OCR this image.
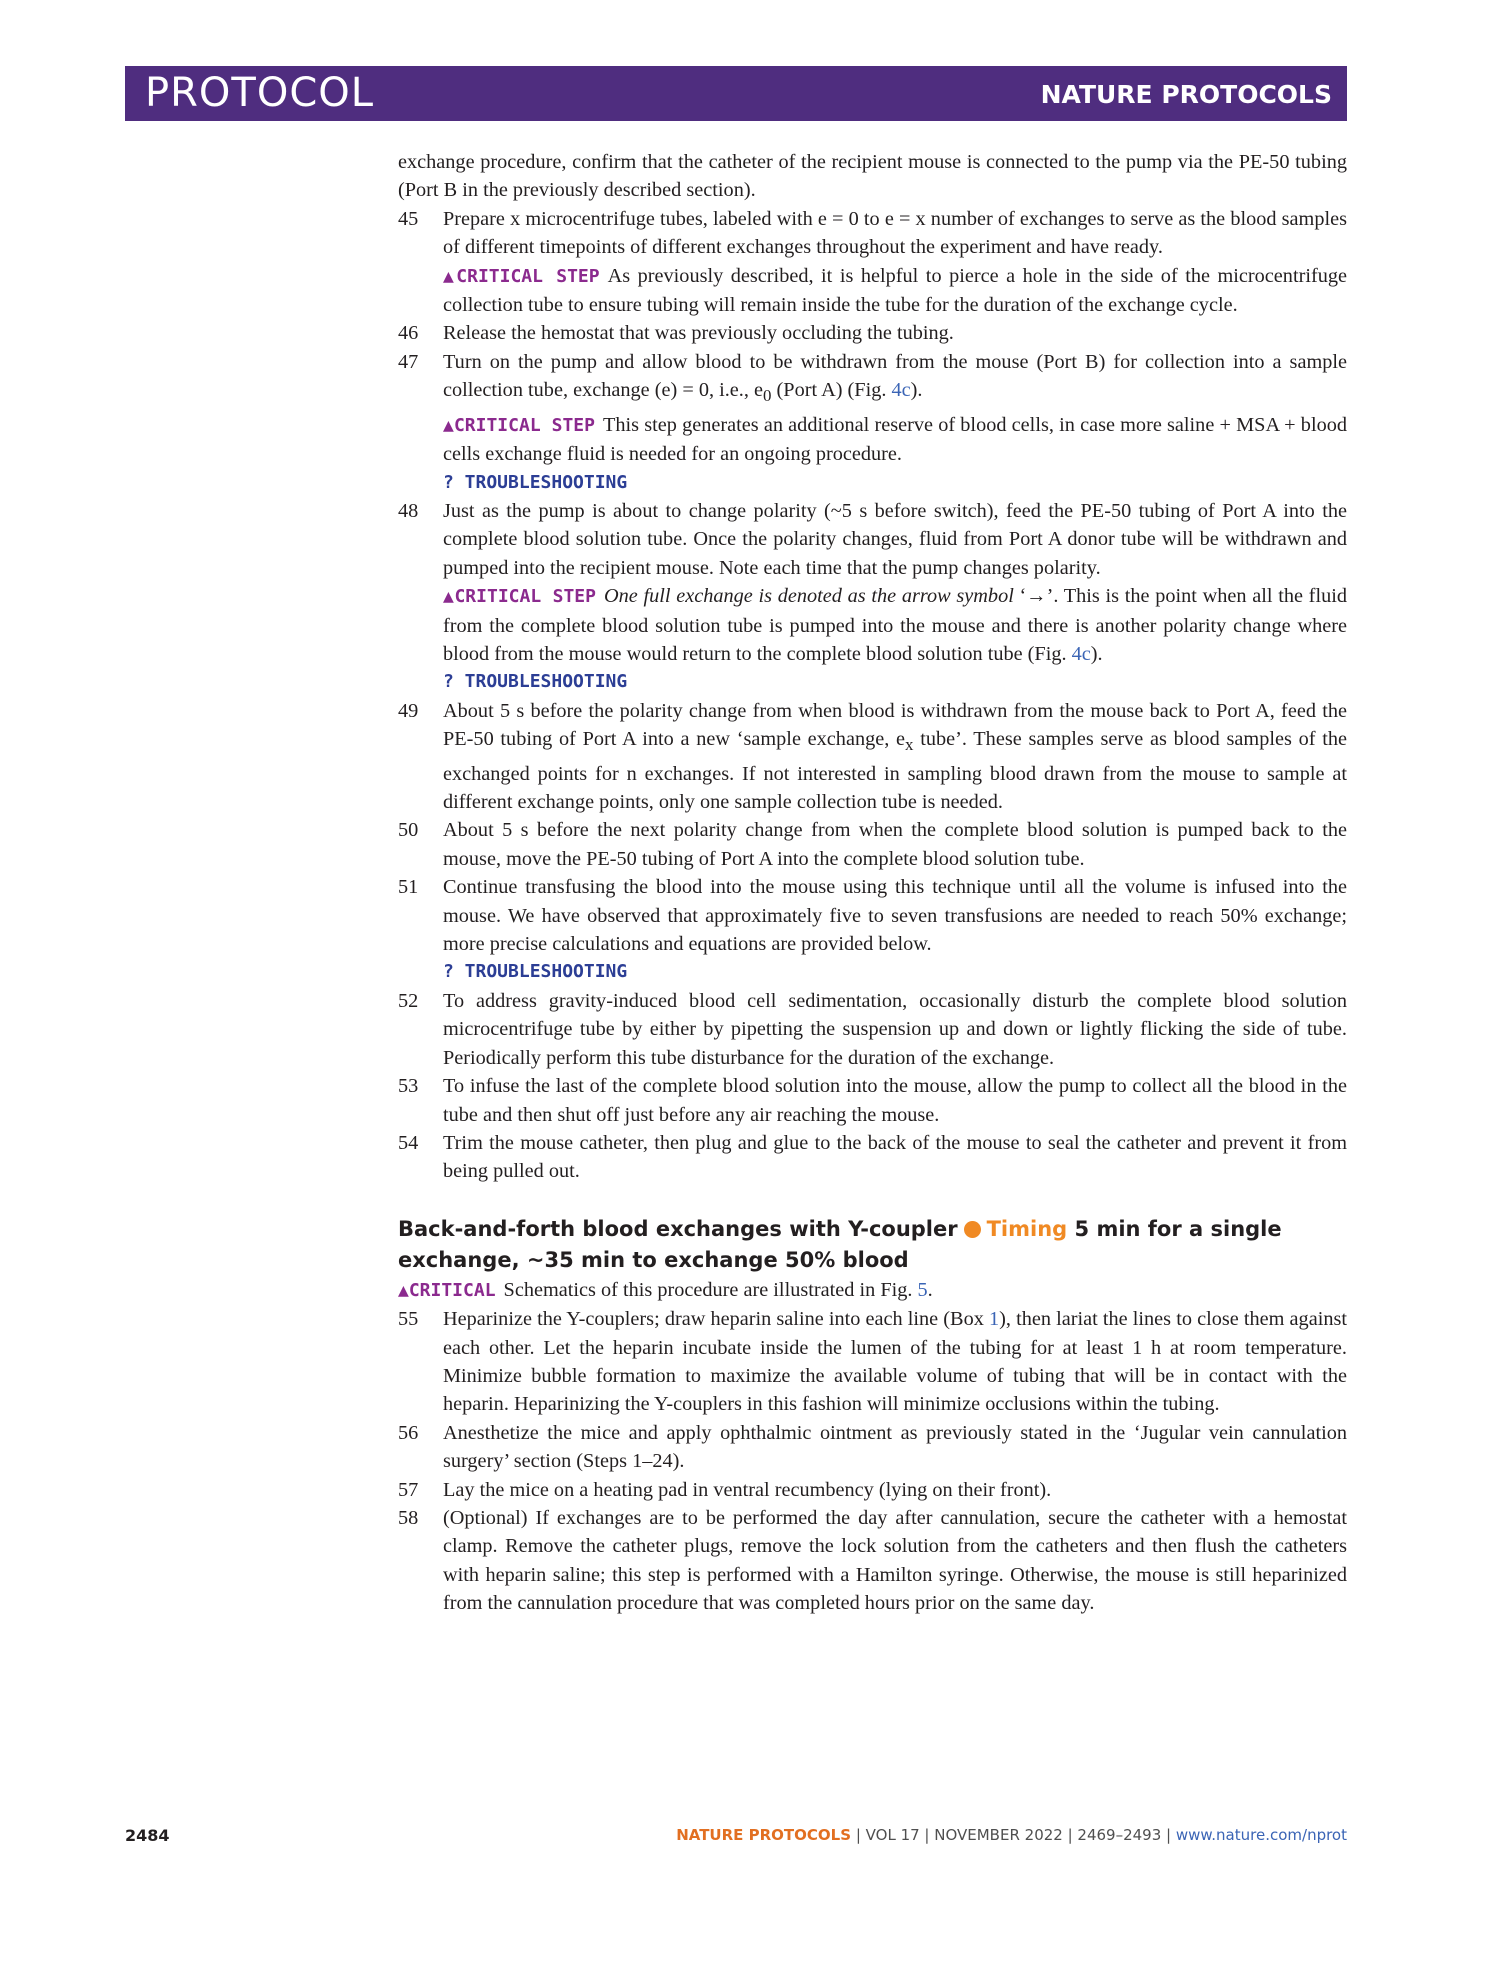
PROTOCOL	NATURE PROTOCOLS
exchange procedure, confirm that the catheter of the recipient mouse is connected to the pump via the PE-50 tubing (Port B in the previously described section).
45	Prepare x microcentrifuge tubes, labeled with e = 0 to e = x number of exchanges to serve as the blood samples of different timepoints of different exchanges throughout the experiment and have ready.
▲CRITICAL STEP As previously described, it is helpful to pierce a hole in the side of the microcentrifuge collection tube to ensure tubing will remain inside the tube for the duration of the exchange cycle.
46	Release the hemostat that was previously occluding the tubing.
47	Turn on the pump and allow blood to be withdrawn from the mouse (Port B) for collection into a sample collection tube, exchange (e) = 0, i.e., $e_0$ (Port A) (Fig. 4c).
▲CRITICAL STEP This step generates an additional reserve of blood cells, in case more saline + MSA + blood cells exchange fluid is needed for an ongoing procedure.
? TROUBLESHOOTING
48	Just as the pump is about to change polarity (~5 s before switch), feed the PE-50 tubing of Port A into the complete blood solution tube. Once the polarity changes, fluid from Port A donor tube will be withdrawn and pumped into the recipient mouse. Note each time that the pump changes polarity.
▲CRITICAL STEP One full exchange is denoted as the arrow symbol ‘→’. This is the point when all the fluid from the complete blood solution tube is pumped into the mouse and there is another polarity change where blood from the mouse would return to the complete blood solution tube (Fig. 4c).
? TROUBLESHOOTING
49	About 5 s before the polarity change from when blood is withdrawn from the mouse back to Port A, feed the PE-50 tubing of Port A into a new ‘sample exchange, $e_x$ tube’. These samples serve as blood samples of the exchanged points for n exchanges. If not interested in sampling blood drawn from the mouse to sample at different exchange points, only one sample collection tube is needed.
50	About 5 s before the next polarity change from when the complete blood solution is pumped back to the mouse, move the PE-50 tubing of Port A into the complete blood solution tube.
51	Continue transfusing the blood into the mouse using this technique until all the volume is infused into the mouse. We have observed that approximately five to seven transfusions are needed to reach 50% exchange; more precise calculations and equations are provided below.
? TROUBLESHOOTING
52	To address gravity-induced blood cell sedimentation, occasionally disturb the complete blood solution microcentrifuge tube by either by pipetting the suspension up and down or lightly flicking the side of tube. Periodically perform this tube disturbance for the duration of the exchange.
53	To infuse the last of the complete blood solution into the mouse, allow the pump to collect all the blood in the tube and then shut off just before any air reaching the mouse.
54	Trim the mouse catheter, then plug and glue to the back of the mouse to seal the catheter and prevent it from being pulled out.
Back-and-forth blood exchanges with Y-coupler Timing 5 min for a single exchange, ~35 min to exchange 50% blood
▲CRITICAL Schematics of this procedure are illustrated in Fig. 5.
55	Heparinize the Y-couplers; draw heparin saline into each line (Box 1), then lariat the lines to close them against each other. Let the heparin incubate inside the lumen of the tubing for at least 1 h at room temperature. Minimize bubble formation to maximize the available volume of tubing that will be in contact with the heparin. Heparinizing the Y-couplers in this fashion will minimize occlusions within the tubing.
56	Anesthetize the mice and apply ophthalmic ointment as previously stated in the ‘Jugular vein cannulation surgery’ section (Steps 1–24).
57	Lay the mice on a heating pad in ventral recumbency (lying on their front).
58	(Optional) If exchanges are to be performed the day after cannulation, secure the catheter with a hemostat clamp. Remove the catheter plugs, remove the lock solution from the catheters and then flush the catheters with heparin saline; this step is performed with a Hamilton syringe. Otherwise, the mouse is still heparinized from the cannulation procedure that was completed hours prior on the same day.
2484	NATURE PROTOCOLS | VOL 17 | NOVEMBER 2022 | 2469–2493 | www.nature.com/nprot
